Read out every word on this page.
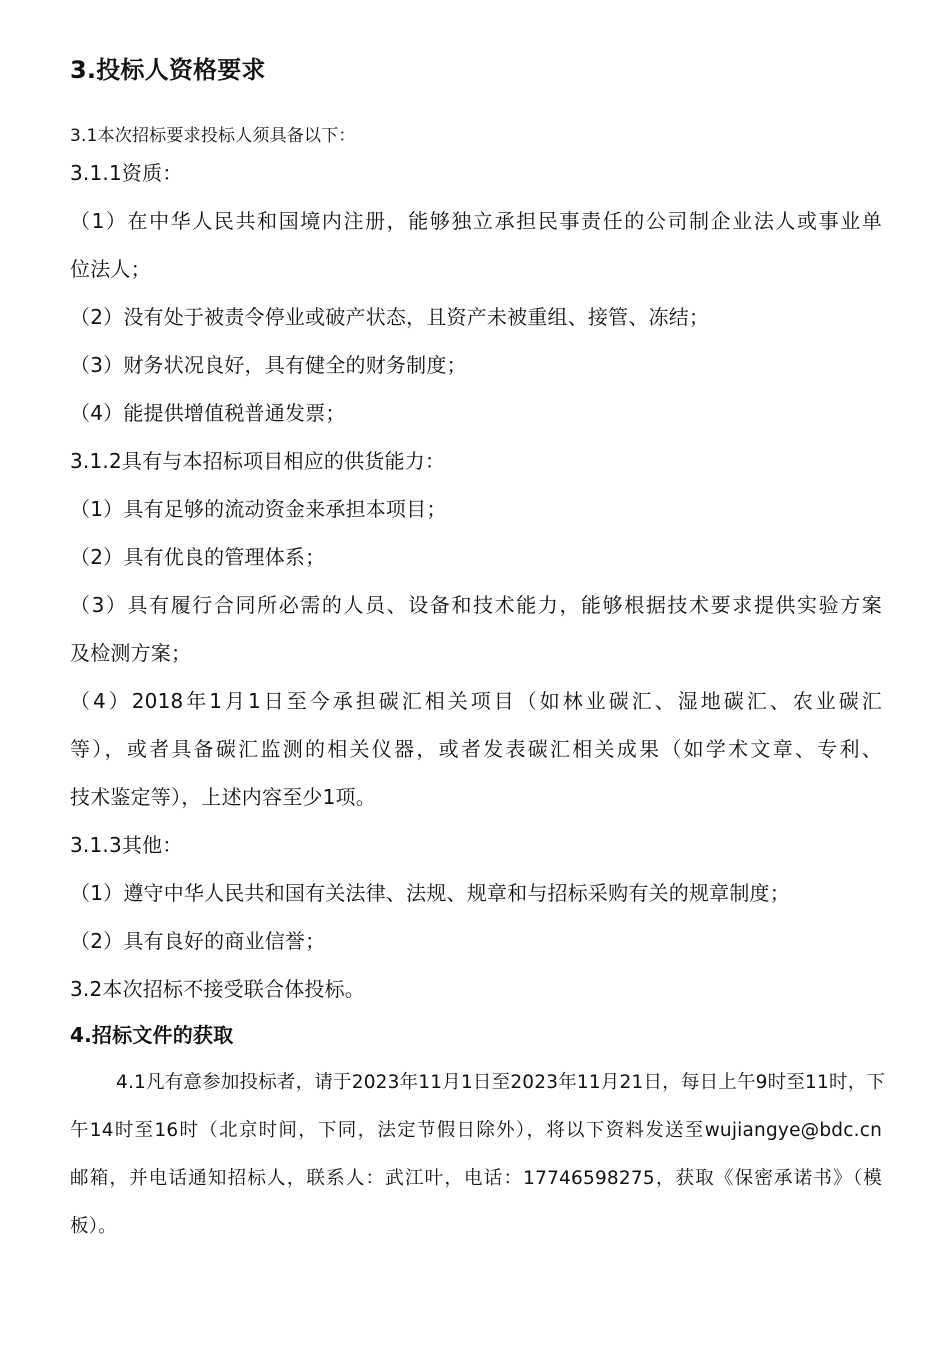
3.投标人资格要求
3.1本次招标要求投标人须具备以下：
3.1.1资质：
（1）在中华人民共和国境内注册，能够独立承担民事责任的公司制企业法人或事业单
位法人；
（2）没有处于被责令停业或破产状态，且资产未被重组、接管、冻结；
（3）财务状况良好，具有健全的财务制度；
（4）能提供增值税普通发票；
3.1.2具有与本招标项目相应的供货能力：
（1）具有足够的流动资金来承担本项目；
（2）具有优良的管理体系；
（3）具有履行合同所必需的人员、设备和技术能力，能够根据技术要求提供实验方案
及检测方案；
（4）2018年1月1日至今承担碳汇相关项目（如林业碳汇、湿地碳汇、农业碳汇
等），或者具备碳汇监测的相关仪器，或者发表碳汇相关成果（如学术文章、专利、
技术鉴定等），上述内容至少1项。
3.1.3其他：
（1）遵守中华人民共和国有关法律、法规、规章和与招标采购有关的规章制度；
（2）具有良好的商业信誉；
3.2本次招标不接受联合体投标。
4.招标文件的获取
4.1凡有意参加投标者，请于2023年11月1日至2023年11月21日，每日上午9时至11时，下
午14时至16时（北京时间，下同，法定节假日除外），将以下资料发送至wujiangye@bdc.cn
邮箱，并电话通知招标人，联系人：武江叶，电话：17746598275，获取《保密承诺书》（模
板）。
